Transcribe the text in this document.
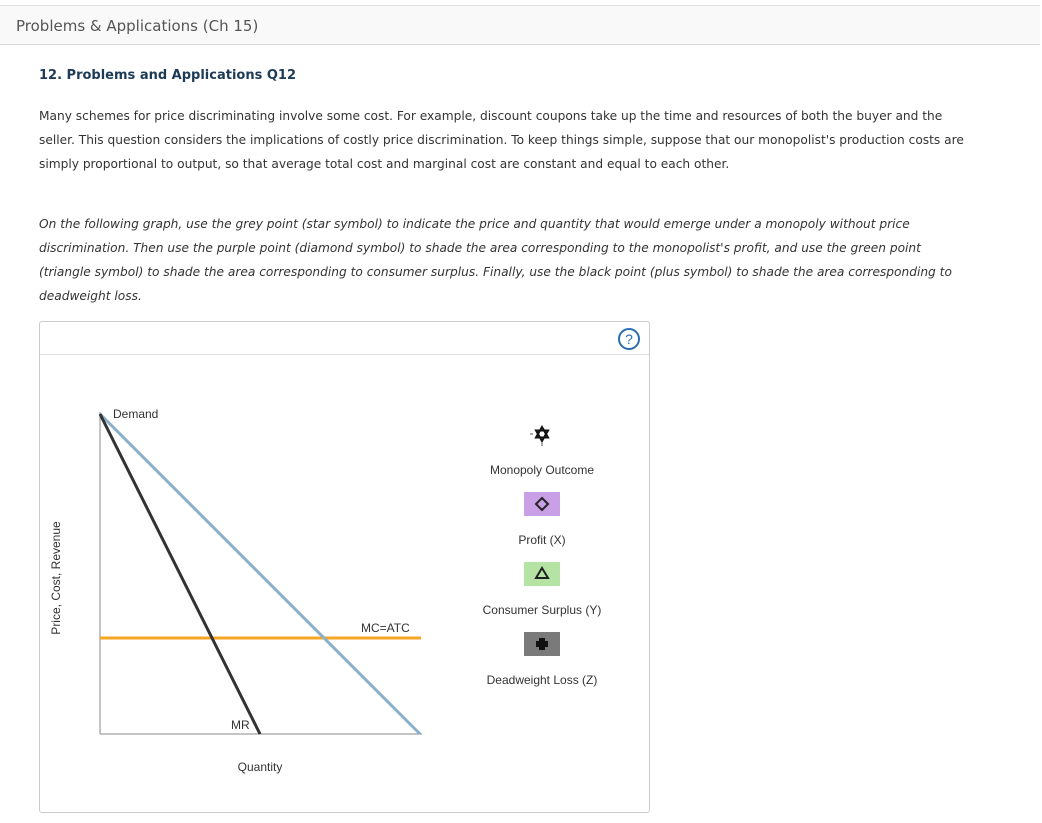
Problems & Applications (Ch 15)
12. Problems and Applications Q12
Many schemes for price discriminating involve some cost. For example, discount coupons take up the time and resources of both the buyer and the
seller. This question considers the implications of costly price discrimination. To keep things simple, suppose that our monopolist's production costs are
simply proportional to output, so that average total cost and marginal cost are constant and equal to each other.
On the following graph, use the grey point (star symbol) to indicate the price and quantity that would emerge under a monopoly without price
discrimination. Then use the purple point (diamond symbol) to shade the area corresponding to the monopolist's profit, and use the green point
(triangle symbol) to shade the area corresponding to consumer surplus. Finally, use the black point (plus symbol) to shade the area corresponding to
deadweight loss.
?
Demand
MC=ATC
MR
Quantity
Price, Cost, Revenue
Monopoly Outcome
Profit (X)
Consumer Surplus (Y)
Deadweight Loss (Z)
